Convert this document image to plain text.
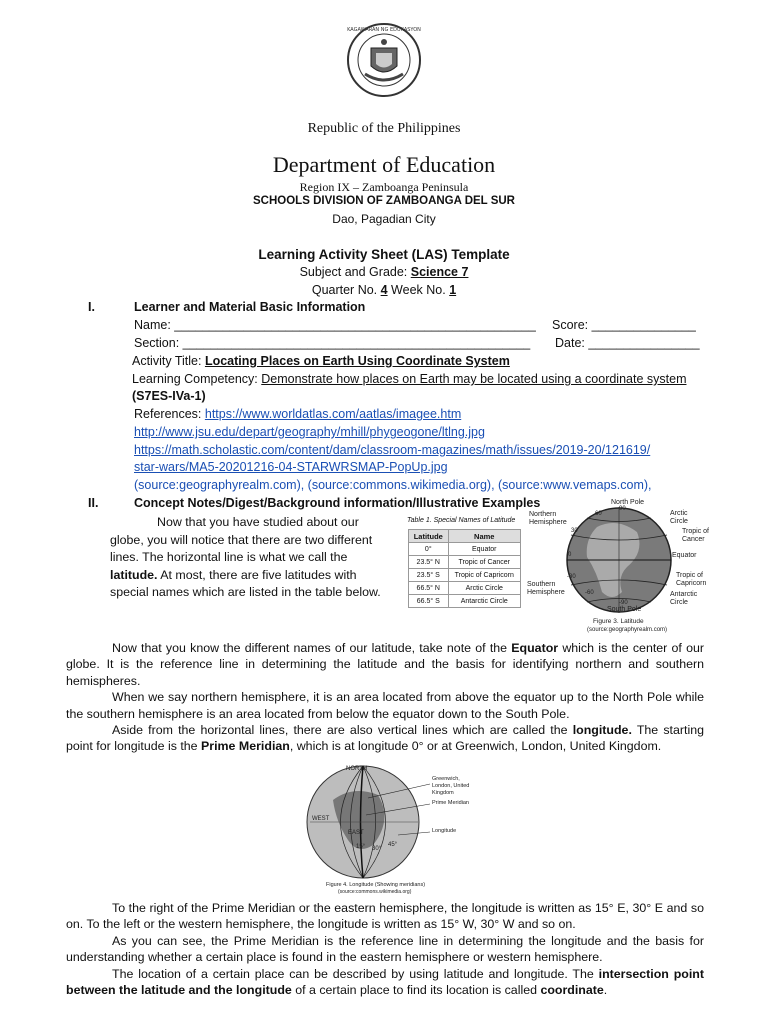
KAGAWARAN NG EDUKASYON
Republic of the Philippines
Department of Education
Region IX – Zamboanga Peninsula
SCHOOLS DIVISION OF ZAMBOANGA DEL SUR
Dao, Pagadian City
Learning Activity Sheet (LAS) Template
Subject and Grade: Science 7
Quarter No. 4 Week No. 1
I.	Learner and Material Basic Information
Name: ____________________________________________________ Score: _______________
Section: __________________________________________________ Date: ________________
Activity Title: Locating Places on Earth Using Coordinate System
Learning Competency: Demonstrate how places on Earth may be located using a coordinate system
(S7ES-IVa-1)
References: https://www.worldatlas.com/aatlas/imagee.htm
http://www.jsu.edu/depart/geography/mhill/phygeogone/ltlng.jpg
https://math.scholastic.com/content/dam/classroom-magazines/math/issues/2019-20/121619/
star-wars/MA5-20201216-04-STARWRSMAP-PopUp.jpg
(source:geographyrealm.com), (source:commons.wikimedia.org), (source:www.vemaps.com),
II.	Concept Notes/Digest/Background information/Illustrative Examples
Now that you have studied about our
globe, you will notice that there are two different
lines. The horizontal line is what we call the
latitude. At most, there are five latitudes with
special names which are listed in the table below.
Table 1. Special Names of Latitude
Latitude	Name
0°	Equator
23.5° N	Tropic of Cancer
23.5° S	Tropic of Capricorn
66.5° N	Arctic Circle
66.5° S	Antarctic Circle
North Pole
90
60
30
0
-30
-60
-90
Northern Hemisphere
Southern Hemisphere
Arctic Circle
Tropic of Cancer
Equator
Tropic of Capricorn
Antarctic Circle
South Pole
Figure 3. Latitude
(source:geographyrealm.com)

Now that you know the different names of our latitude, take note of the Equator which is the center of our globe. It is the reference line in determining the latitude and the basis for identifying northern and southern hemispheres.

When we say northern hemisphere, it is an area located from above the equator up to the North Pole while the southern hemisphere is an area located from below the equator down to the South Pole.

Aside from the horizontal lines, there are also vertical lines which are called the longitude. The starting point for longitude is the Prime Meridian, which is at longitude 0° or at Greenwich, London, United Kingdom.

NORTH
WEST
EAST
15° 30°
45°
Greenwich, London, United Kingdom
Prime Meridian
Longitude
Figure 4. Longitude (Showing meridians)
(source:commons.wikimedia.org)

To the right of the Prime Meridian or the eastern hemisphere, the longitude is written as 15° E, 30° E and so on. To the left or the western hemisphere, the longitude is written as 15° W, 30° W and so on.

As you can see, the Prime Meridian is the reference line in determining the longitude and the basis for understanding whether a certain place is found in the eastern hemisphere or western hemisphere.

The location of a certain place can be described by using latitude and longitude. The intersection point between the latitude and the longitude of a certain place to find its location is called coordinate.
